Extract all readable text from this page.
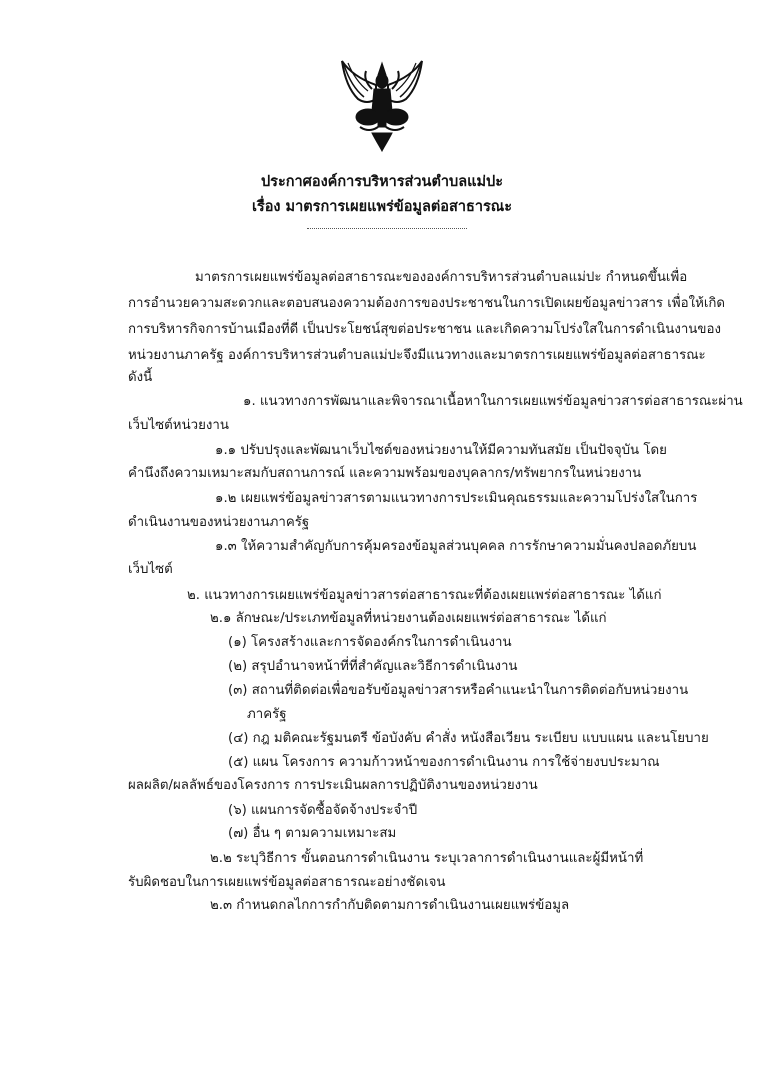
ประกาศองค์การบริหารส่วนตำบลแม่ปะ
เรื่อง มาตรการเผยแพร่ข้อมูลต่อสาธารณะ
มาตรการเผยแพร่ข้อมูลต่อสาธารณะขององค์การบริหารส่วนตำบลแม่ปะ กำหนดขึ้นเพื่อ
การอำนวยความสะดวกและตอบสนองความต้องการของประชาชนในการเปิดเผยข้อมูลข่าวสาร เพื่อให้เกิด
การบริหารกิจการบ้านเมืองที่ดี เป็นประโยชน์สุขต่อประชาชน และเกิดความโปร่งใสในการดำเนินงานของ
หน่วยงานภาครัฐ องค์การบริหารส่วนตำบลแม่ปะจึงมีแนวทางและมาตรการเผยแพร่ข้อมูลต่อสาธารณะ
ดังนี้
๑. แนวทางการพัฒนาและพิจารณาเนื้อหาในการเผยแพร่ข้อมูลข่าวสารต่อสาธารณะผ่าน
เว็บไซต์หน่วยงาน
๑.๑ ปรับปรุงและพัฒนาเว็บไซต์ของหน่วยงานให้มีความทันสมัย เป็นปัจจุบัน โดย
คำนึงถึงความเหมาะสมกับสถานการณ์ และความพร้อมของบุคลากร/ทรัพยากรในหน่วยงาน
๑.๒ เผยแพร่ข้อมูลข่าวสารตามแนวทางการประเมินคุณธรรมและความโปร่งใสในการ
ดำเนินงานของหน่วยงานภาครัฐ
๑.๓ ให้ความสำคัญกับการคุ้มครองข้อมูลส่วนบุคคล การรักษาความมั่นคงปลอดภัยบน
เว็บไซต์
๒. แนวทางการเผยแพร่ข้อมูลข่าวสารต่อสาธารณะที่ต้องเผยแพร่ต่อสาธารณะ ได้แก่
๒.๑ ลักษณะ/ประเภทข้อมูลที่หน่วยงานต้องเผยแพร่ต่อสาธารณะ ได้แก่
(๑) โครงสร้างและการจัดองค์กรในการดำเนินงาน
(๒) สรุปอำนาจหน้าที่ที่สำคัญและวิธีการดำเนินงาน
(๓) สถานที่ติดต่อเพื่อขอรับข้อมูลข่าวสารหรือคำแนะนำในการติดต่อกับหน่วยงาน
ภาครัฐ
(๔) กฎ มติคณะรัฐมนตรี ข้อบังคับ คำสั่ง หนังสือเวียน ระเบียบ แบบแผน และนโยบาย
(๕) แผน โครงการ ความก้าวหน้าของการดำเนินงาน การใช้จ่ายงบประมาณ
ผลผลิต/ผลลัพธ์ของโครงการ การประเมินผลการปฏิบัติงานของหน่วยงาน
(๖) แผนการจัดซื้อจัดจ้างประจำปี
(๗) อื่น ๆ ตามความเหมาะสม
๒.๒ ระบุวิธีการ ขั้นตอนการดำเนินงาน ระบุเวลาการดำเนินงานและผู้มีหน้าที่
รับผิดชอบในการเผยแพร่ข้อมูลต่อสาธารณะอย่างชัดเจน
๒.๓ กำหนดกลไกการกำกับติดตามการดำเนินงานเผยแพร่ข้อมูล
